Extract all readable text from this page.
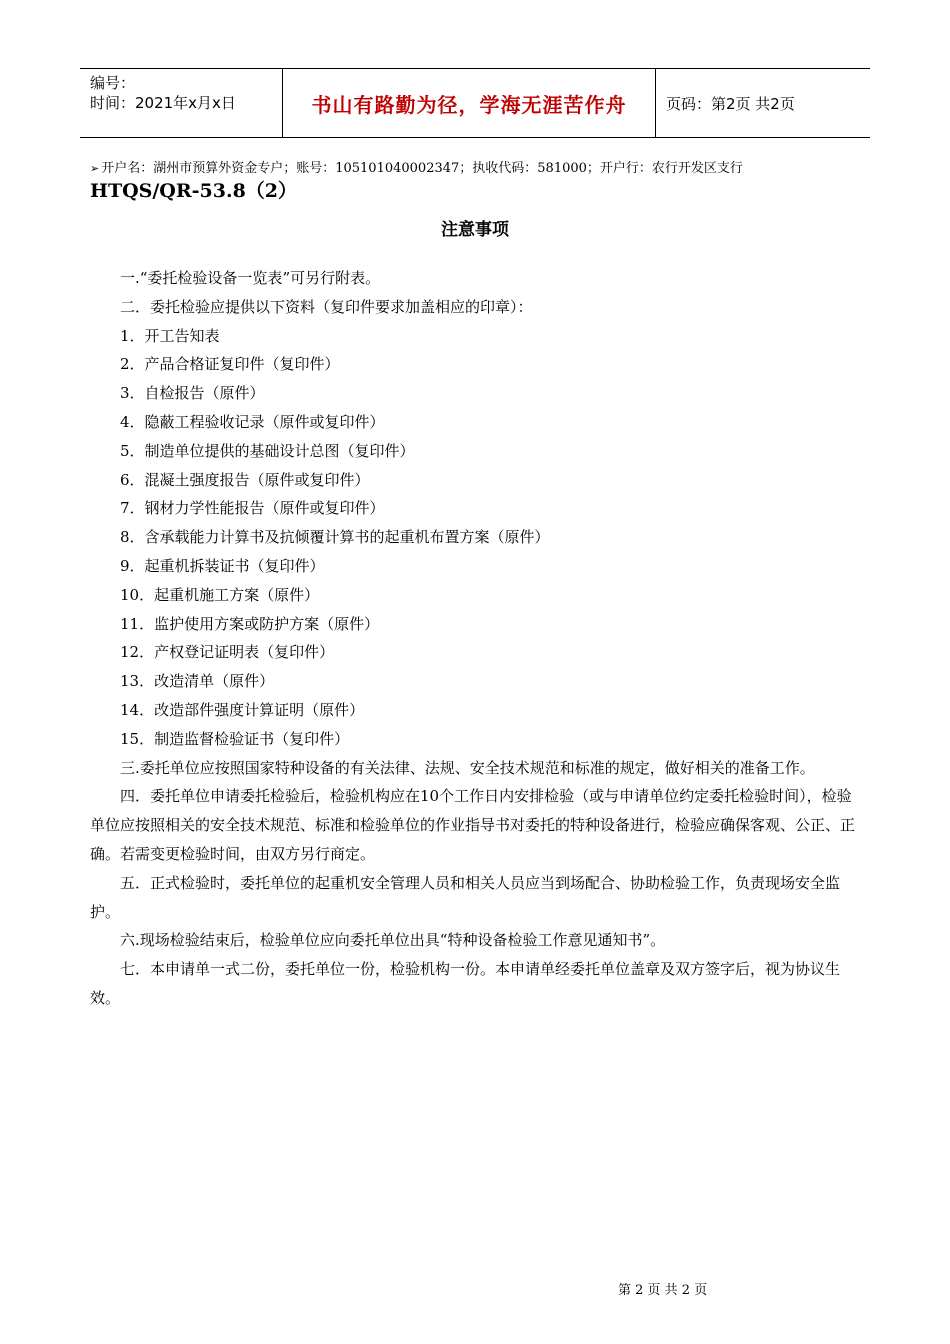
编号：
时间：2021年x月x日	书山有路勤为径，学海无涯苦作舟	页码：第2页 共2页
➢ 开户名：湖州市预算外资金专户；账号：105101040002347；执收代码：581000；开户行：农行开发区支行
HTQS/QR-53.8（2）
注意事项

一.“委托检验设备一览表”可另行附表。

二．委托检验应提供以下资料（复印件要求加盖相应的印章）：

1．开工告知表

2．产品合格证复印件（复印件）

3．自检报告（原件）

4．隐蔽工程验收记录（原件或复印件）

5．制造单位提供的基础设计总图（复印件）

6．混凝土强度报告（原件或复印件）

7．钢材力学性能报告（原件或复印件）

8．含承载能力计算书及抗倾覆计算书的起重机布置方案（原件）

9．起重机拆装证书（复印件）

10．起重机施工方案（原件）

11．监护使用方案或防护方案（原件）

12．产权登记证明表（复印件）

13．改造清单（原件）

14．改造部件强度计算证明（原件）

15．制造监督检验证书（复印件）

三.委托单位应按照国家特种设备的有关法律、法规、安全技术规范和标准的规定，做好相关的准备工作。

四．委托单位申请委托检验后，检验机构应在10个工作日内安排检验（或与申请单位约定委托检验时间），检验单位应按照相关的安全技术规范、标准和检验单位的作业指导书对委托的特种设备进行，检验应确保客观、公正、正确。若需变更检验时间，由双方另行商定。

五．正式检验时，委托单位的起重机安全管理人员和相关人员应当到场配合、协助检验工作，负责现场安全监护。

六.现场检验结束后，检验单位应向委托单位出具“特种设备检验工作意见通知书”。

七．本申请单一式二份，委托单位一份，检验机构一份。本申请单经委托单位盖章及双方签字后，视为协议生效。

第 2 页 共 2 页
